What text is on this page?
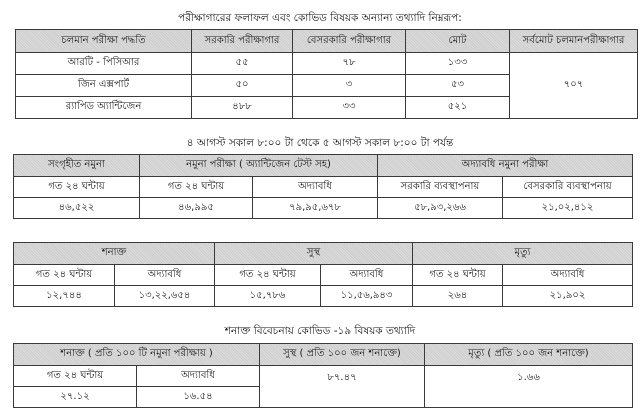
পরীক্ষাগারের ফলাফল এবং কোভিড বিষয়ক অন্যান্য তথ্যাদি নিম্নরূপ:
চলমান পরীক্ষা পদ্ধতি	সরকারি পরীক্ষাগার	বেসরকারি পরীক্ষাগার	মোট	সর্বমোট চলমানপরীক্ষাগার
আরটি - পিসিআর	৫৫	৭৮	১৩৩	৭০৭
জিন এক্সপার্ট	৫০	৩	৫৩	
র‍্যাপিড অ্যান্টিজেন	৪৮৮	৩৩	৫২১	
৪ আগস্ট সকাল ৮:০০ টা থেকে ৫ আগস্ট সকাল ৮:০০ টা পর্যন্ত
সংগৃহীত নমুনা	নমুনা পরীক্ষা ( অ্যান্টিজেন টেস্ট সহ)		অদ্যাবধি নমুনা পরীক্ষা	
গত ২৪ ঘন্টায়	গত ২৪ ঘন্টায়	অদ্যাবধি	সরকারি ব্যবস্থাপনায়	বেসরকারি ব্যবস্থাপনায়
৪৬,৫২২	৪৬,৯৯৫	৭৯,৯৫,৬৭৮	৫৮,৯৩,২৬৬	২১,০২,৪১২
শনাক্ত		সুস্থ		মৃত্যু	
গত ২৪ ঘন্টায়	অদ্যাবধি	গত ২৪ ঘন্টায়	অদ্যাবধি	গত ২৪ ঘন্টায়	অদ্যাবধি
১২,৭৪৪	১৩,২২,৬৫৪	১৫,৭৮৬	১১,৫৬,৯৪৩	২৬৪	২১,৯০২
শনাক্ত বিবেচনায় কোভিড -১৯ বিষয়ক তথ্যাদি
শনাক্ত ( প্রতি ১০০ টি নমুনা পরীক্ষায় )		সুস্থ ( প্রতি ১০০ জন শনাক্তে)	মৃত্যু ( প্রতি ১০০ জন শনাক্তে)
গত ২৪ ঘন্টায়	অদ্যাবধি	৮৭.৪৭	১.৬৬
২৭.১২	১৬.৫৪		
